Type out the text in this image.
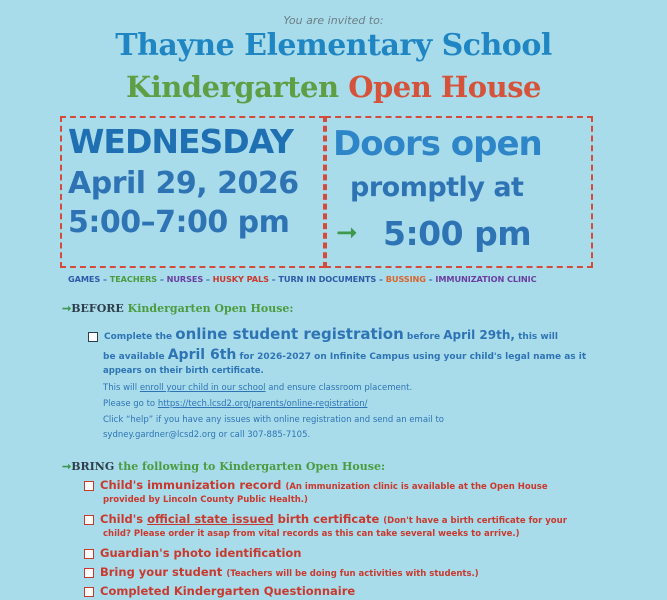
You are invited to:
Thayne Elementary School
Kindergarten Open House
WEDNESDAY
April 29, 2026
5:00–7:00 pm
Doors open
promptly at
➞ 5:00 pm
GAMES – TEACHERS – NURSES – HUSKY PALS – TURN IN DOCUMENTS – BUSSING – IMMUNIZATION CLINIC
➞BEFORE Kindergarten Open House:
Complete the online student registration before April 29th, this will
be available April 6th for 2026-2027 on Infinite Campus using your child's legal name as it
appears on their birth certificate.
This will enroll your child in our school and ensure classroom placement.
Please go to https://tech.lcsd2.org/parents/online-registration/
Click “help” if you have any issues with online registration and send an email to
sydney.gardner@lcsd2.org or call 307-885-7105.
➞BRING the following to Kindergarten Open House:
Child's immunization record (An immunization clinic is available at the Open House
provided by Lincoln County Public Health.)
Child's official state issued birth certificate (Don't have a birth certificate for your
child? Please order it asap from vital records as this can take several weeks to arrive.)
Guardian's photo identification
Bring your student (Teachers will be doing fun activities with students.)
Completed Kindergarten Questionnaire
